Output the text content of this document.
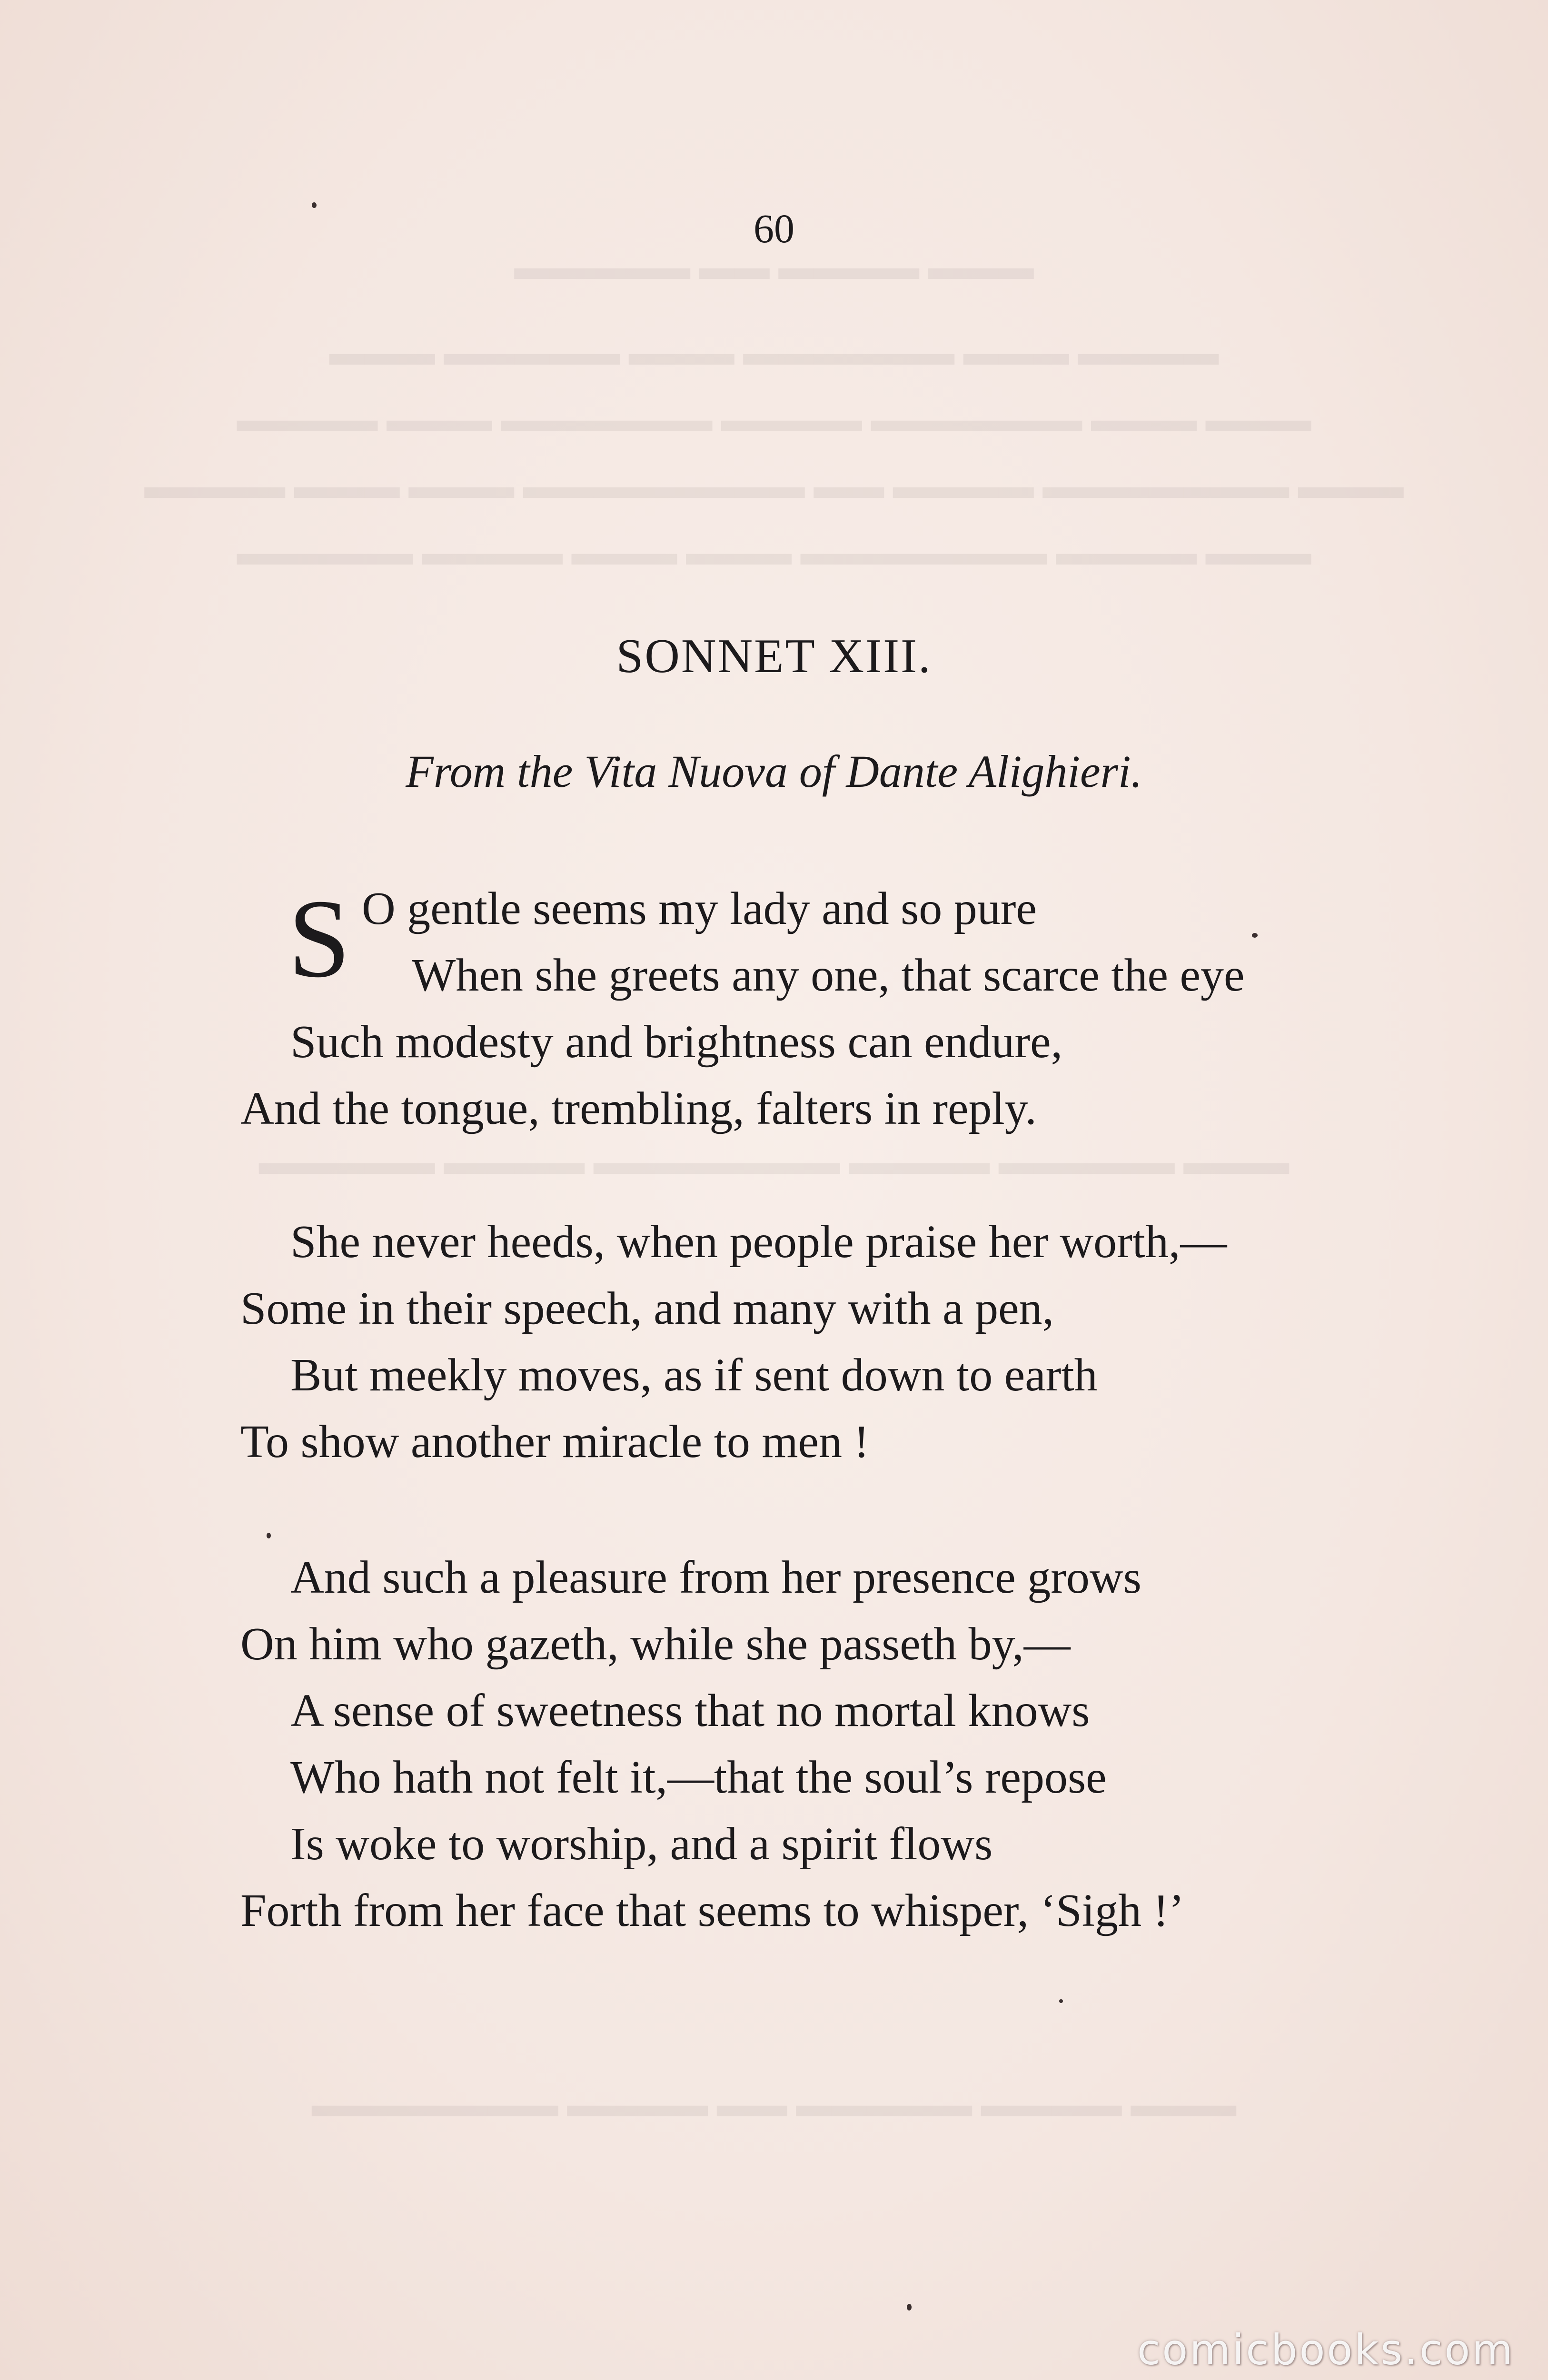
▬▬▬ ▬▬▬▬ ▬▬ ▬▬▬▬▬
▬▬▬▬ ▬▬▬ ▬▬▬▬▬▬ ▬▬▬ ▬▬▬▬▬ ▬▬▬
▬▬▬ ▬▬▬ ▬▬▬▬▬▬ ▬▬▬▬ ▬▬▬▬▬▬ ▬▬▬ ▬▬▬▬
▬▬▬ ▬▬▬▬▬▬▬ ▬▬▬▬ ▬▬ ▬▬▬▬▬▬▬▬ ▬▬▬ ▬▬▬ ▬▬▬▬
▬▬▬ ▬▬▬▬ ▬▬▬▬▬▬▬ ▬▬▬ ▬▬▬ ▬▬▬▬ ▬▬▬▬▬
▬▬▬ ▬▬▬▬▬ ▬▬▬▬ ▬▬▬▬▬▬▬ ▬▬▬▬ ▬▬▬▬▬
▬▬▬ ▬▬▬▬ ▬▬▬▬▬ ▬▬ ▬▬▬▬ ▬▬▬▬▬▬▬
60
SONNET XIII.
From the Vita Nuova of Dante Alighieri.
S O gentle seems my lady and so pure
When she greets any one, that scarce the eye
Such modesty and brightness can endure,
And the tongue, trembling, falters in reply.
She never heeds, when people praise her worth,—
Some in their speech, and many with a pen,
But meekly moves, as if sent down to earth
To show another miracle to men !
And such a pleasure from her presence grows
On him who gazeth, while she passeth by,—
A sense of sweetness that no mortal knows
Who hath not felt it,—that the soul’s repose
Is woke to worship, and a spirit flows
Forth from her face that seems to whisper, ‘Sigh !’
comicbooks.com
